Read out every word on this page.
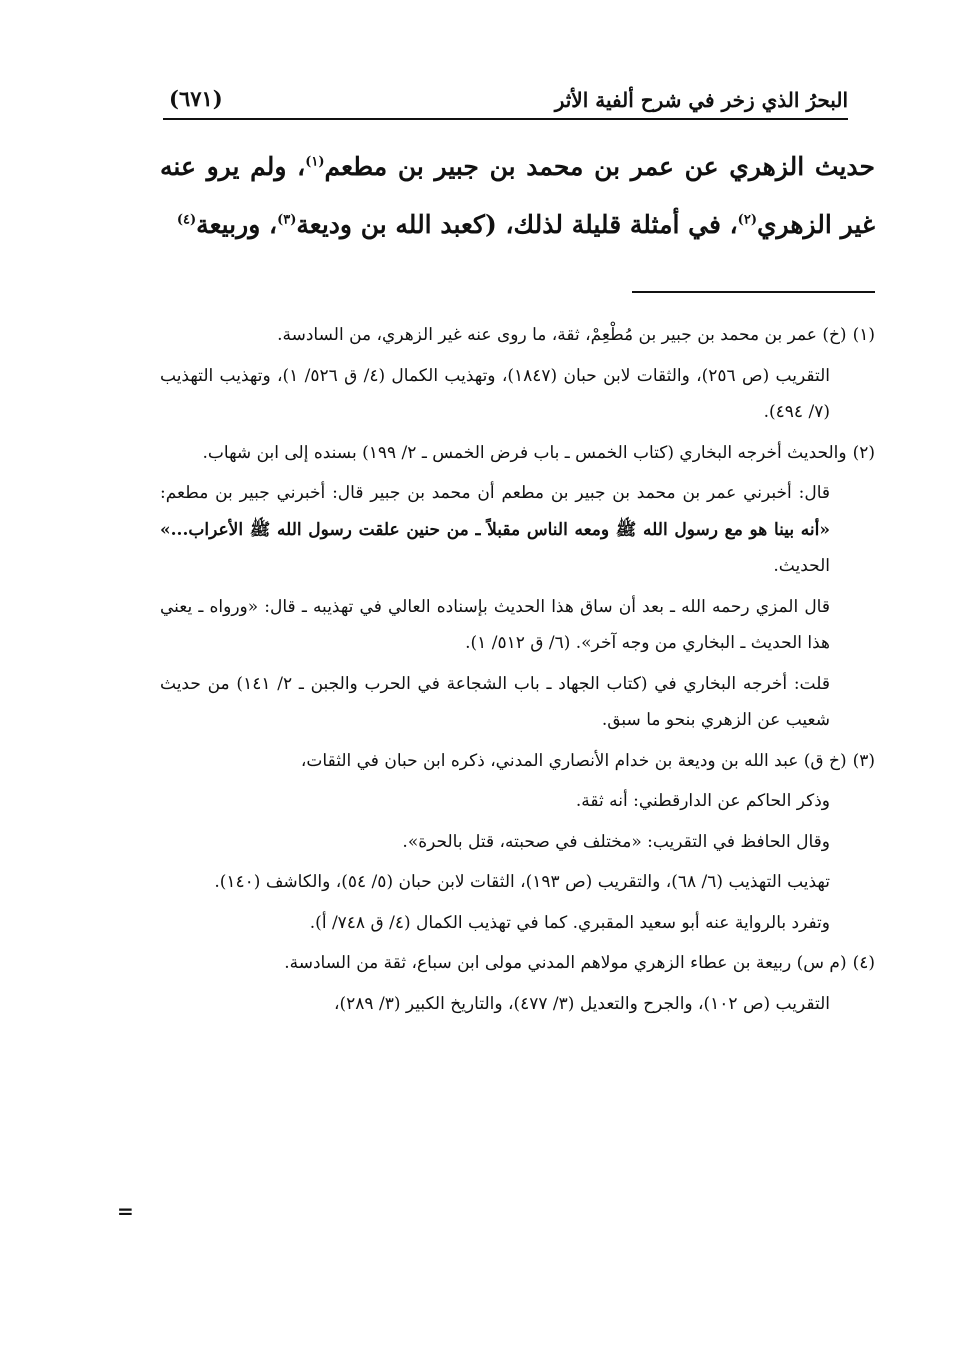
البحرُ الذي زخر في شرح ألفية الأثر
(٦٧١)

حديث الزهري عن عمر بن محمد بن جبير بن مطعم$^{(١)}$، ولم يرو عنه غير الزهري$^{(٢)}$، في أمثلة قليلة لذلك، (كعبد الله بن وديعة$^{(٣)}$، وربيعة$^{(٤)}$

(١)(خ) عمر بن محمد بن جبير بن مُطْعِمْ، ثقة، ما روى عنه غير الزهري، من السادسة.

التقريب (ص ٢٥٦)، والثقات لابن حبان (١٨٤٧)، وتهذيب الكمال (٤/ ق ٥٢٦/ ١)، وتهذيب التهذيب (٧/ ٤٩٤).

(٢)والحديث أخرجه البخاري (كتاب الخمس ـ باب فرض الخمس ـ ٢/ ١٩٩) بسنده إلى ابن شهاب.

قال: أخبرني عمر بن محمد بن جبير بن مطعم أن محمد بن جبير قال: أخبرني جبير بن مطعم: «أنه بينا هو مع رسول الله ﷺ ومعه الناس مقبلاً ـ من حنين علقت رسول الله ﷺ الأعراب...» الحديث.

قال المزي رحمه الله ـ بعد أن ساق هذا الحديث بإسناده العالي في تهذيبه ـ قال: «ورواه ـ يعني هذا الحديث ـ البخاري من وجه آخر». (٦/ ق ٥١٢/ ١).

قلت: أخرجه البخاري في (كتاب الجهاد ـ باب الشجاعة في الحرب والجبن ـ ٢/ ١٤١) من حديث شعيب عن الزهري بنحو ما سبق.

(٣)(خ ق) عبد الله بن وديعة بن خدام الأنصاري المدني، ذكره ابن حبان في الثقات،

وذكر الحاكم عن الدارقطني: أنه ثقة.

وقال الحافظ في التقريب: «مختلف في صحبته، قتل بالحرة».

تهذيب التهذيب (٦/ ٦٨)، والتقريب (ص ١٩٣)، الثقات لابن حبان (٥/ ٥٤)، والكاشف (١٤٠).

وتفرد بالرواية عنه أبو سعيد المقبري. كما في تهذيب الكمال (٤/ ق ٧٤٨/ أ).

(٤)(م س) ربيعة بن عطاء الزهري مولاهم المدني مولى ابن سباع، ثقة من السادسة.

التقريب (ص ١٠٢)، والجرح والتعديل (٣/ ٤٧٧)، والتاريخ الكبير (٣/ ٢٨٩)،

=
